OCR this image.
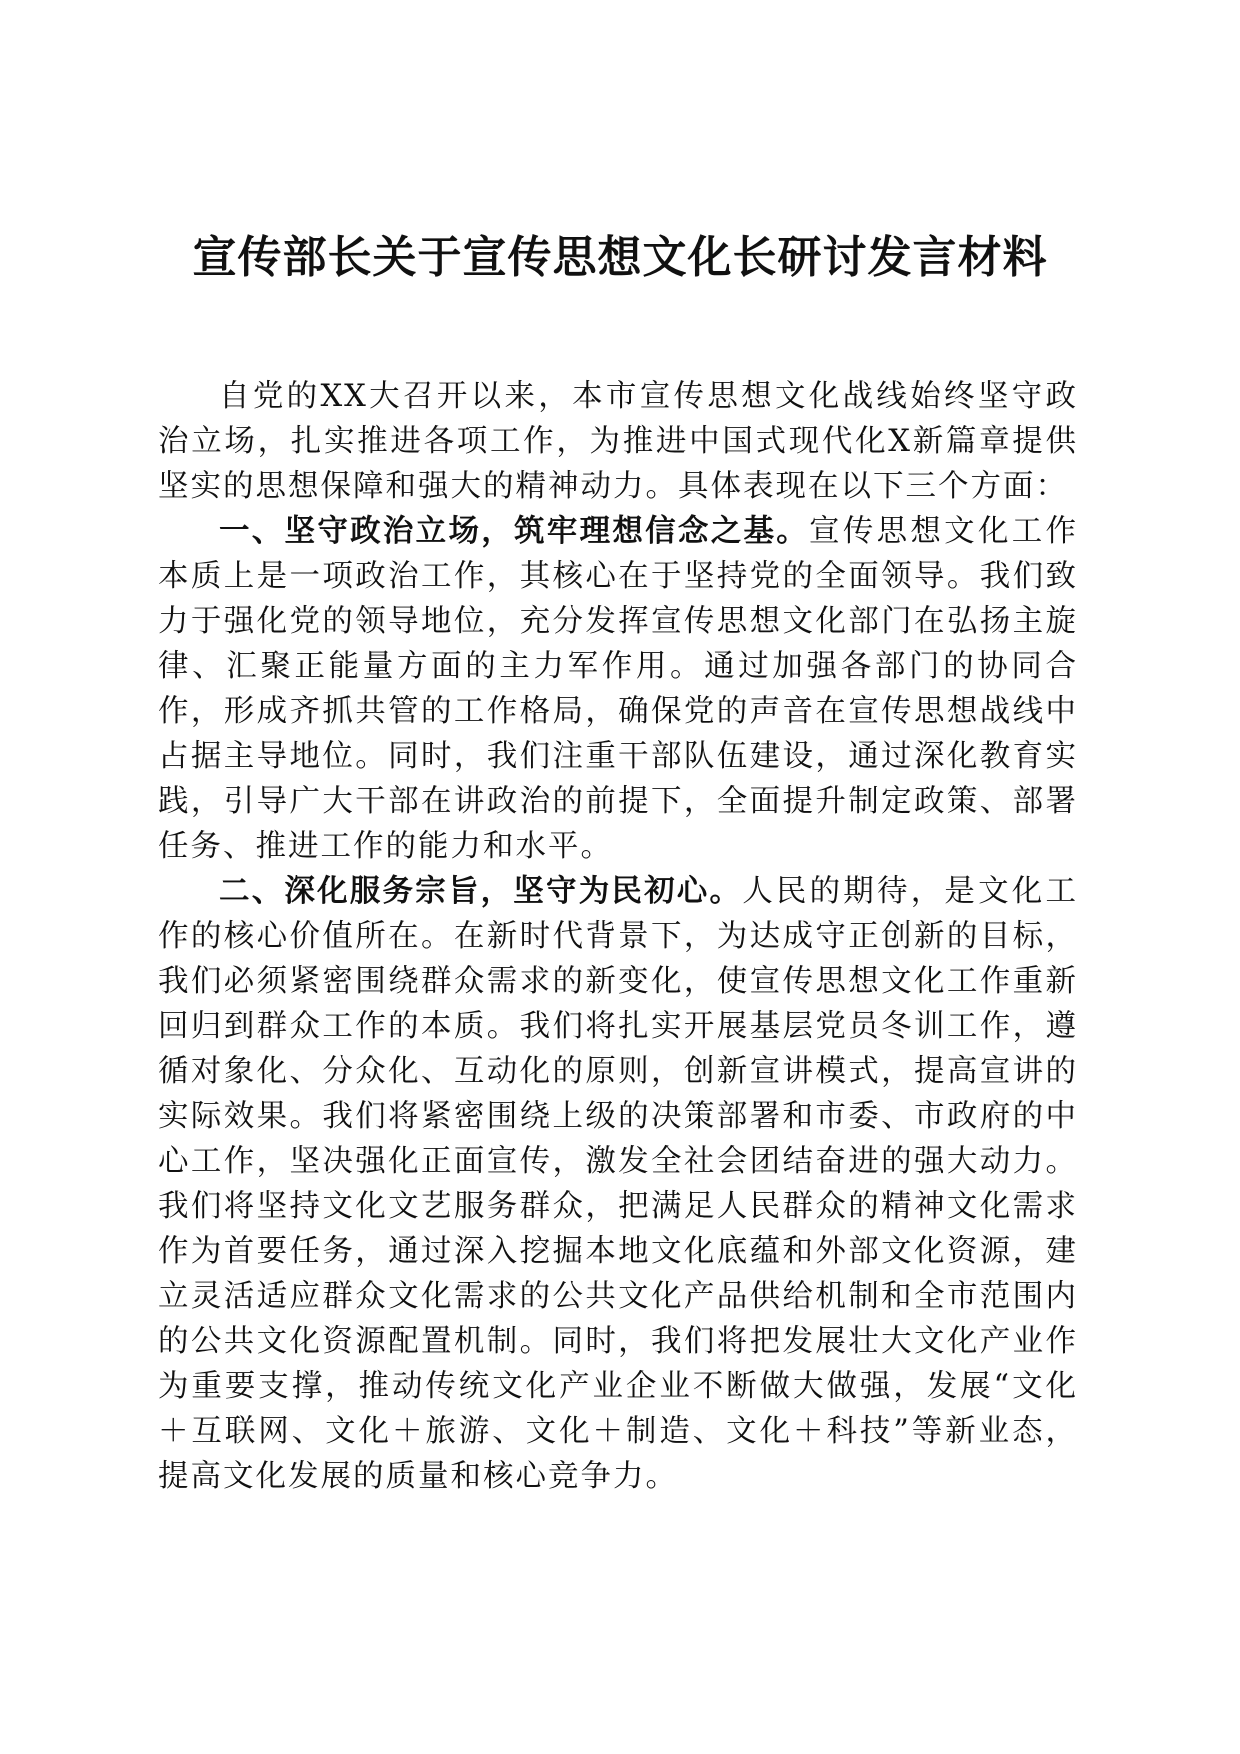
宣传部长关于宣传思想文化长研讨发言材料

自党的XX大召开以来，本市宣传思想文化战线始终坚守政治立场，扎实推进各项工作，为推进中国式现代化X新篇章提供坚实的思想保障和强大的精神动力。具体表现在以下三个方面：

一、坚守政治立场，筑牢理想信念之基。宣传思想文化工作本质上是一项政治工作，其核心在于坚持党的全面领导。我们致力于强化党的领导地位，充分发挥宣传思想文化部门在弘扬主旋律、汇聚正能量方面的主力军作用。通过加强各部门的协同合作，形成齐抓共管的工作格局，确保党的声音在宣传思想战线中占据主导地位。同时，我们注重干部队伍建设，通过深化教育实践，引导广大干部在讲政治的前提下，全面提升制定政策、部署任务、推进工作的能力和水平。

二、深化服务宗旨，坚守为民初心。人民的期待，是文化工作的核心价值所在。在新时代背景下，为达成守正创新的目标，我们必须紧密围绕群众需求的新变化，使宣传思想文化工作重新回归到群众工作的本质。我们将扎实开展基层党员冬训工作，遵循对象化、分众化、互动化的原则，创新宣讲模式，提高宣讲的实际效果。我们将紧密围绕上级的决策部署和市委、市政府的中心工作，坚决强化正面宣传，激发全社会团结奋进的强大动力。我们将坚持文化文艺服务群众，把满足人民群众的精神文化需求作为首要任务，通过深入挖掘本地文化底蕴和外部文化资源，建立灵活适应群众文化需求的公共文化产品供给机制和全市范围内的公共文化资源配置机制。同时，我们将把发展壮大文化产业作为重要支撑，推动传统文化产业企业不断做大做强，发展“文化＋互联网、文化＋旅游、文化＋制造、文化＋科技”等新业态，提高文化发展的质量和核心竞争力。
